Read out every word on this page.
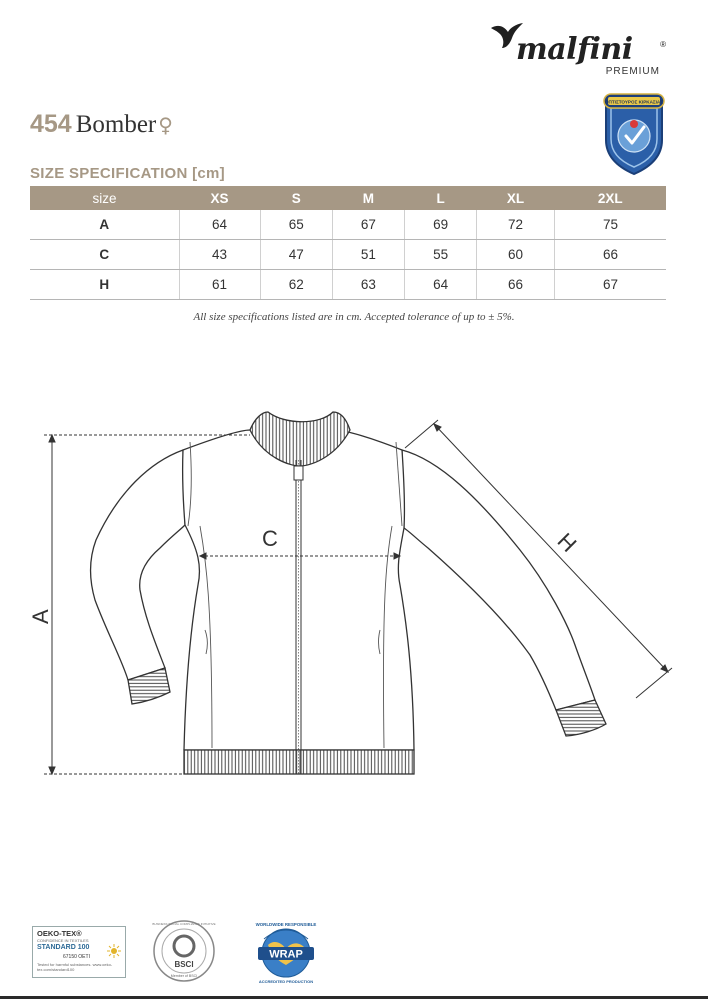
malfini	®
PREMIUM
ΟΠΤΙΣΤΟΥΡΟΣ ΚΙΡΚΑΣΙΑΣ
454 Bomber ♀
SIZE SPECIFICATION [cm]
size	XS	S	M	L	XL	2XL
A	64	65	67	69	72	75
C	43	47	51	55	60	66
H	61	62	63	64	66	67
All size specifications listed are in cm. Accepted tolerance of up to ± 5%.
C
A
H
OEKO-TEX®
CONFIDENCE IN TEXTILES
STANDARD 100
67150 OETI
Tested for harmful substances. www.oeko-tex.com/standard100
BSCI
Member of BSCI
BUSINESS SOCIAL COMPLIANCE INITIATIVE	WORLDWIDE RESPONSIBLE
WRAP
ACCREDITED PRODUCTION
